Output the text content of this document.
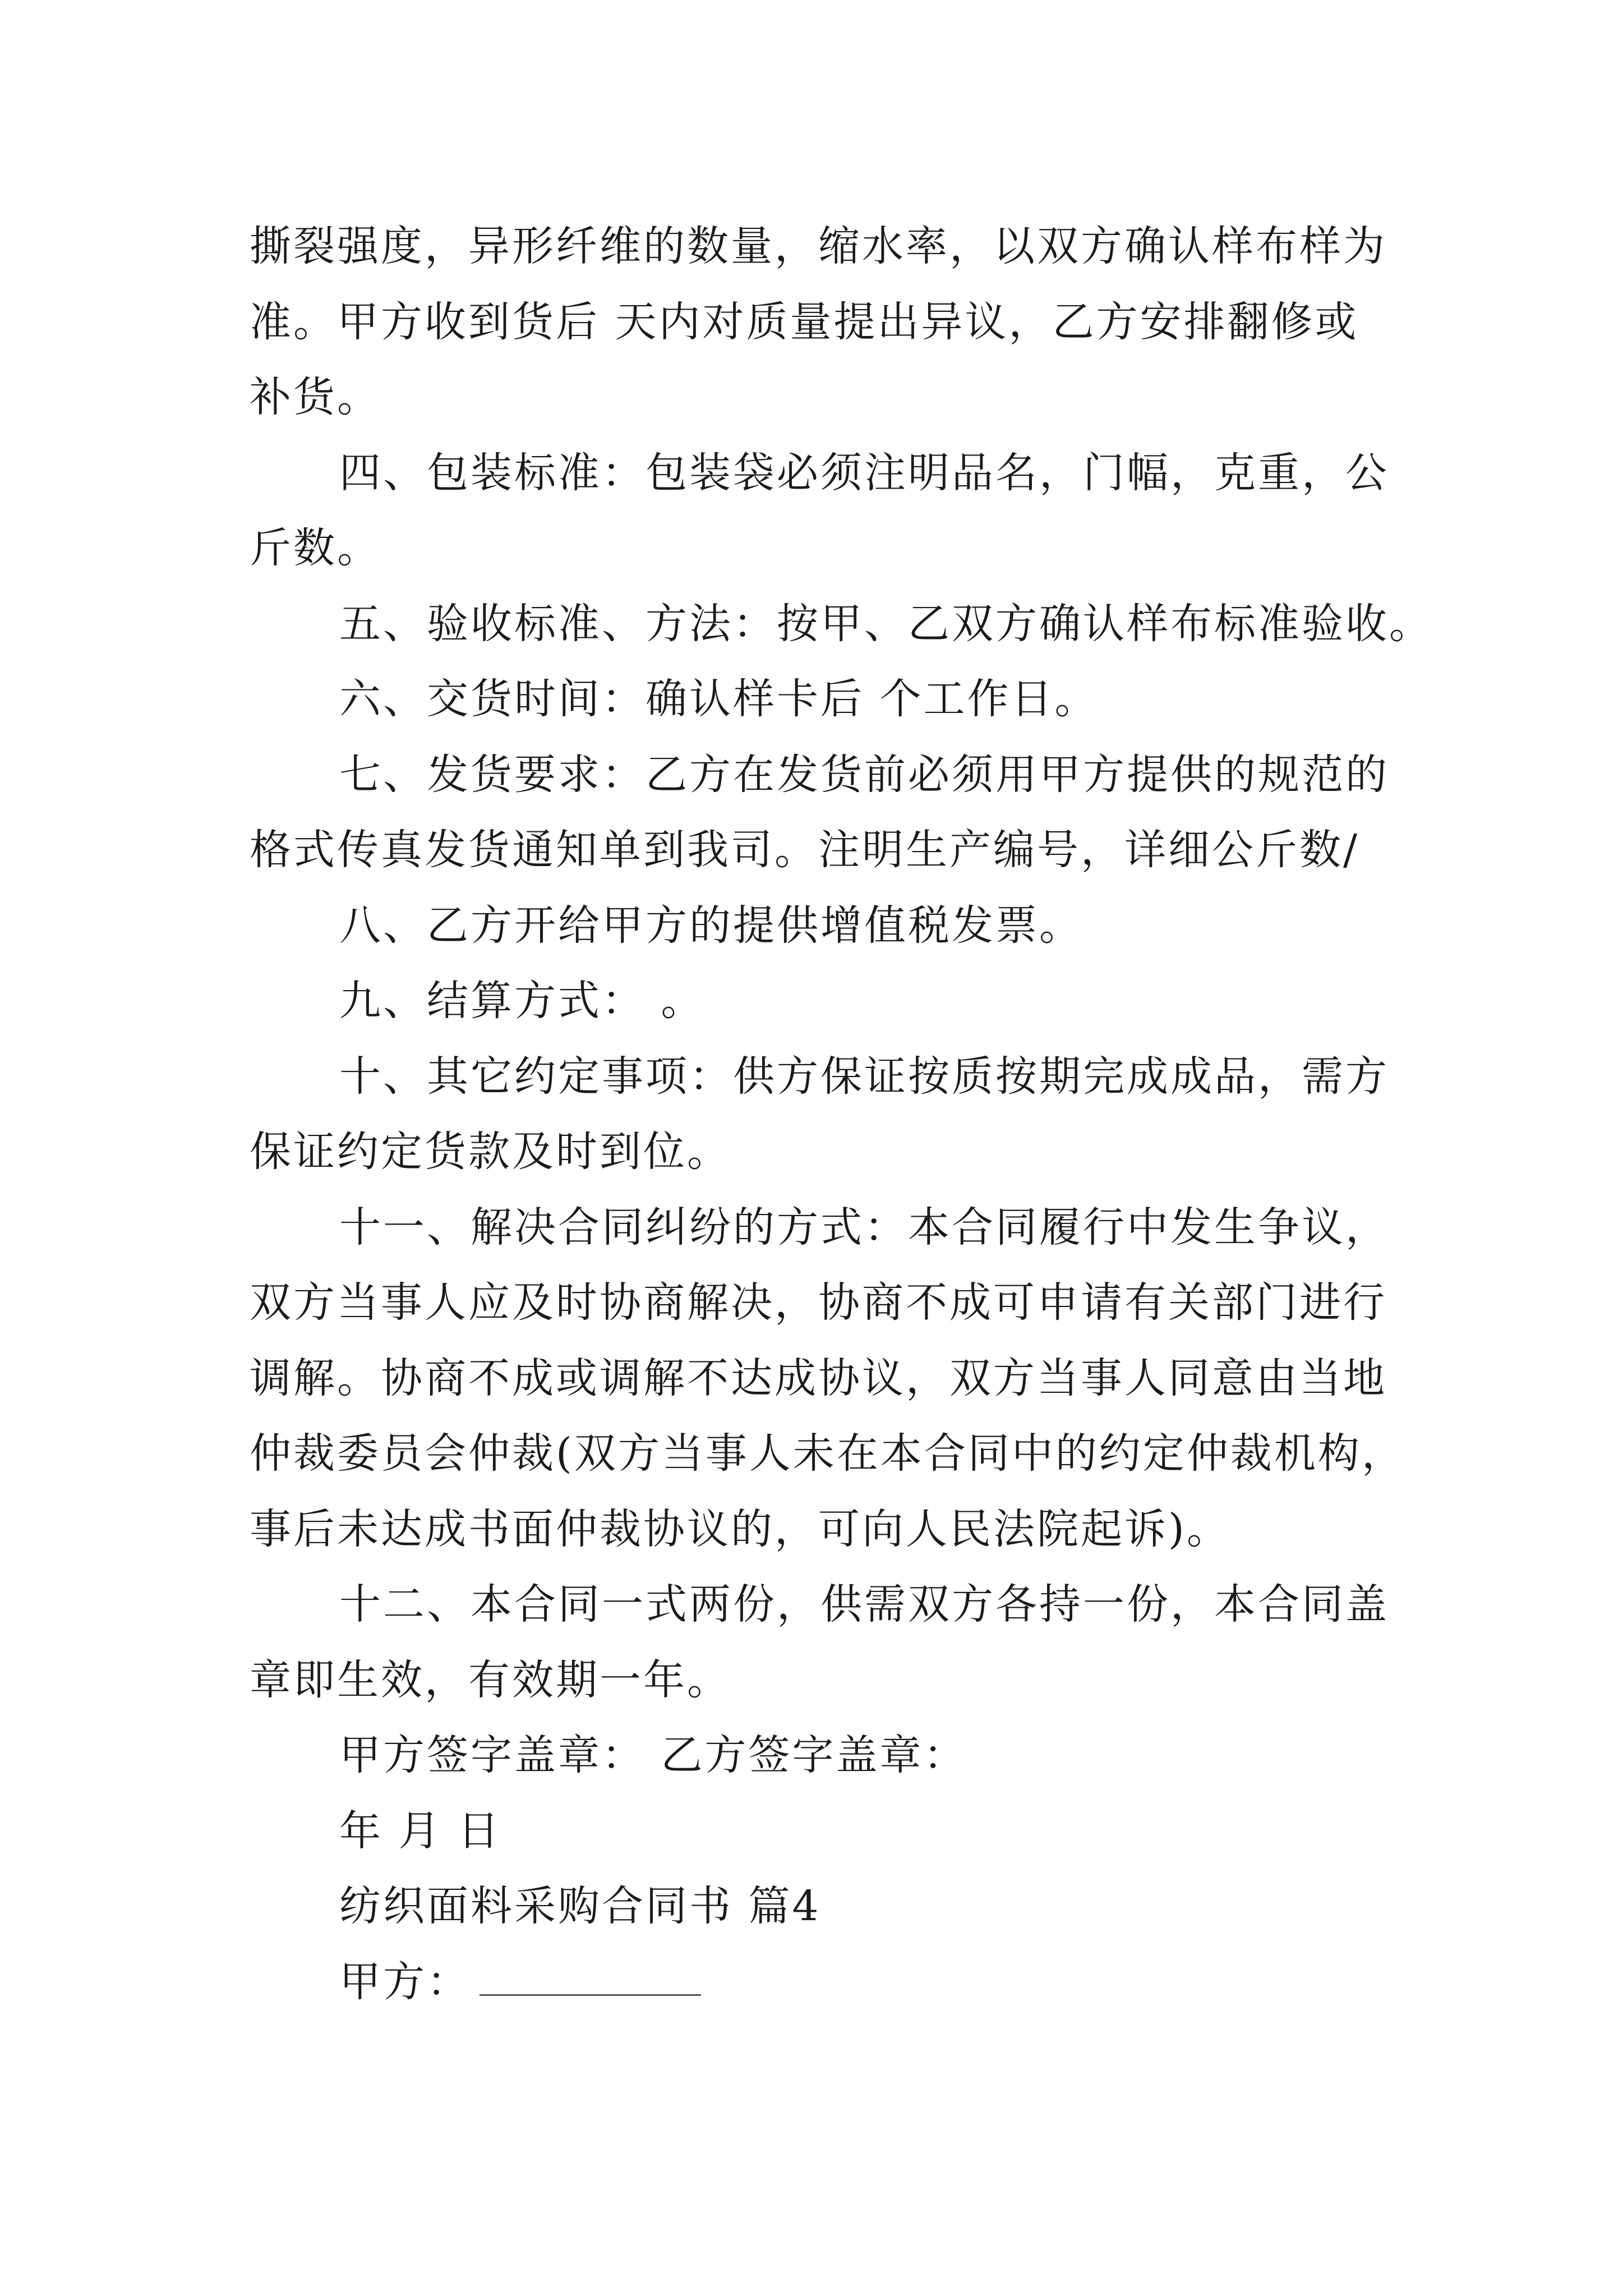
撕裂强度，异形纤维的数量，缩水率，以双方确认样布样为
准。甲方收到货后 天内对质量提出异议，乙方安排翻修或
补货。
四、包装标准：包装袋必须注明品名，门幅，克重，公
斤数。
五、验收标准、方法：按甲、乙双方确认样布标准验收。
六、交货时间：确认样卡后 个工作日。
七、发货要求：乙方在发货前必须用甲方提供的规范的
格式传真发货通知单到我司。注明生产编号，详细公斤数/
八、乙方开给甲方的提供增值税发票。
九、结算方式： 。
十、其它约定事项：供方保证按质按期完成成品，需方
保证约定货款及时到位。
十一、解决合同纠纷的方式：本合同履行中发生争议，
双方当事人应及时协商解决，协商不成可申请有关部门进行
调解。协商不成或调解不达成协议，双方当事人同意由当地
仲裁委员会仲裁(双方当事人未在本合同中的约定仲裁机构，
事后未达成书面仲裁协议的，可向人民法院起诉)。
十二、本合同一式两份，供需双方各持一份，本合同盖
章即生效，有效期一年。
甲方签字盖章： 乙方签字盖章：
年 月 日
纺织面料采购合同书 篇4
甲方：
